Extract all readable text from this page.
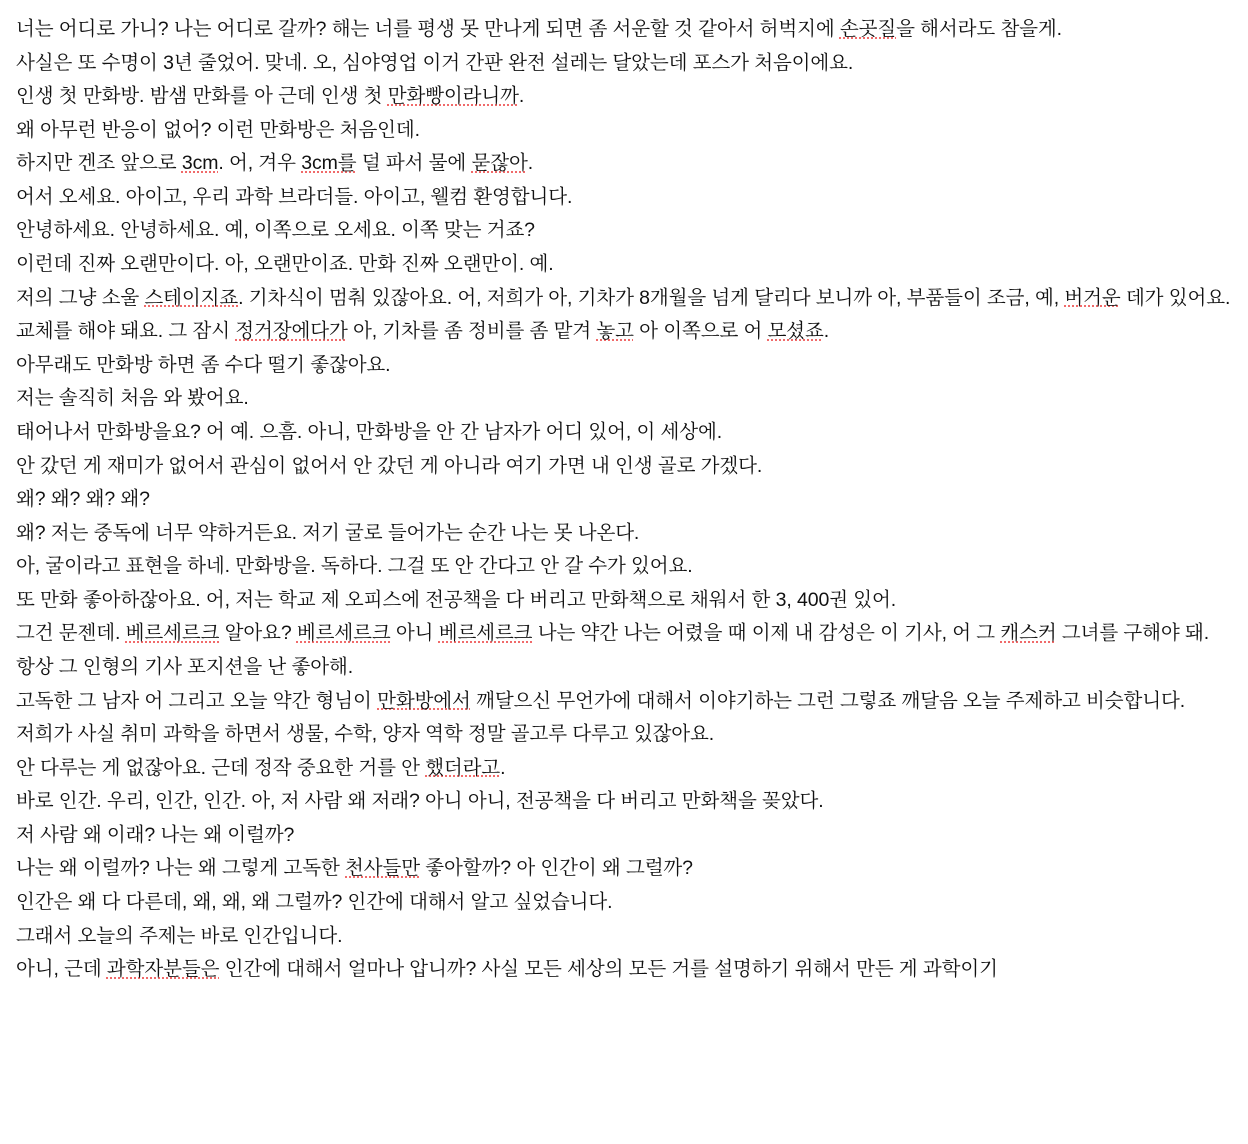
너는 어디로 가니? 나는 어디로 갈까? 해는 너를 평생 못 만나게 되면 좀 서운할 것 같아서 허벅지에 손곳질을 해서라도 참을게.

사실은 또 수명이 3년 줄었어. 맞네. 오, 심야영업 이거 간판 완전 설레는 달았는데 포스가 처음이에요.

인생 첫 만화방. 밤샘 만화를 아 근데 인생 첫 만화빵이라니까.

왜 아무런 반응이 없어? 이런 만화방은 처음인데.

하지만 겐조 앞으로 3cm. 어, 겨우 3cm를 덜 파서 물에 묻잖아.

어서 오세요. 아이고, 우리 과학 브라더들. 아이고, 웰컴 환영합니다.

안녕하세요. 안녕하세요. 예, 이쪽으로 오세요. 이쪽 맞는 거죠?

이런데 진짜 오랜만이다. 아, 오랜만이죠. 만화 진짜 오랜만이. 예.

저의 그냥 소울 스테이지죠. 기차식이 멈춰 있잖아요. 어, 저희가 아, 기차가 8개월을 넘게 달리다 보니까 아, 부품들이 조금, 예, 버거운 데가 있어요.

교체를 해야 돼요. 그 잠시 정거장에다가 아, 기차를 좀 정비를 좀 맡겨 놓고 아 이쪽으로 어 모셨죠.

아무래도 만화방 하면 좀 수다 떨기 좋잖아요.

저는 솔직히 처음 와 봤어요.

태어나서 만화방을요? 어 예. 으흠. 아니, 만화방을 안 간 남자가 어디 있어, 이 세상에.

안 갔던 게 재미가 없어서 관심이 없어서 안 갔던 게 아니라 여기 가면 내 인생 골로 가겠다.

왜? 왜? 왜? 왜?

왜? 저는 중독에 너무 약하거든요. 저기 굴로 들어가는 순간 나는 못 나온다.

아, 굴이라고 표현을 하네. 만화방을. 독하다. 그걸 또 안 간다고 안 갈 수가 있어요.

또 만화 좋아하잖아요. 어, 저는 학교 제 오피스에 전공책을 다 버리고 만화책으로 채워서 한 3, 400권 있어.

그건 문젠데. 베르세르크 알아요? 베르세르크 아니 베르세르크 나는 약간 나는 어렸을 때 이제 내 감성은 이 기사, 어 그 캐스커 그녀를 구해야 돼.

항상 그 인형의 기사 포지션을 난 좋아해.

고독한 그 남자 어 그리고 오늘 약간 형님이 만화방에서 깨달으신 무언가에 대해서 이야기하는 그런 그렇죠 깨달음 오늘 주제하고 비슷합니다.

저희가 사실 취미 과학을 하면서 생물, 수학, 양자 역학 정말 골고루 다루고 있잖아요.

안 다루는 게 없잖아요. 근데 정작 중요한 거를 안 했더라고.

바로 인간. 우리, 인간, 인간. 아, 저 사람 왜 저래? 아니 아니, 전공책을 다 버리고 만화책을 꽂았다.

저 사람 왜 이래? 나는 왜 이럴까?

나는 왜 이럴까? 나는 왜 그렇게 고독한 천사들만 좋아할까? 아 인간이 왜 그럴까?

인간은 왜 다 다른데, 왜, 왜, 왜 그럴까? 인간에 대해서 알고 싶었습니다.

그래서 오늘의 주제는 바로 인간입니다.

아니, 근데 과학자분들은 인간에 대해서 얼마나 압니까? 사실 모든 세상의 모든 거를 설명하기 위해서 만든 게 과학이기
